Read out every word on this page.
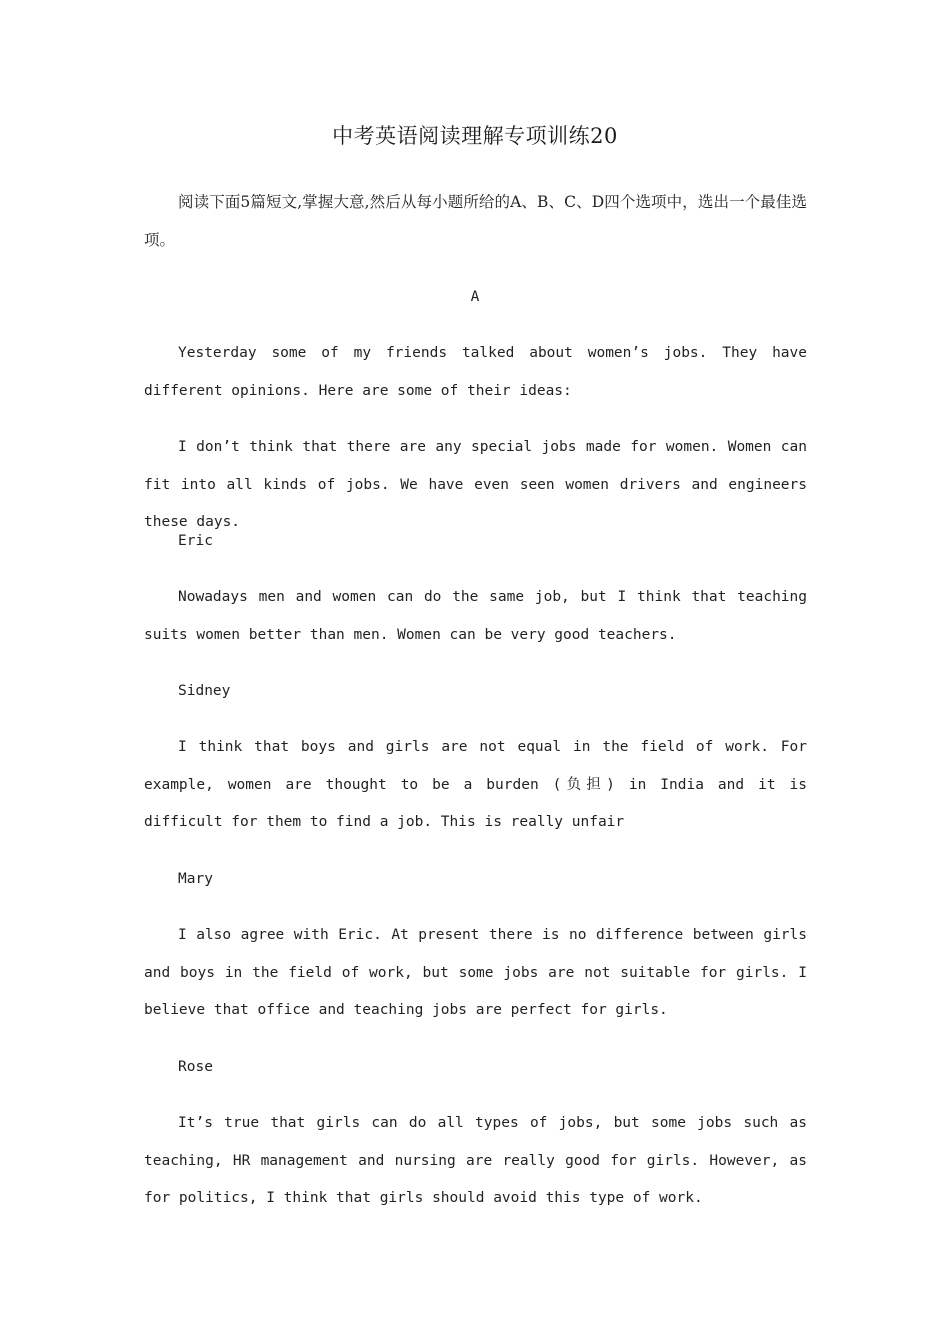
中考英语阅读理解专项训练20

阅读下面5篇短文,掌握大意,然后从每小题所给的A、B、C、D四个选项中，选出一个最佳选项。

A

Yesterday some of my friends talked about women’s jobs. They have different opinions. Here are some of their ideas:

I don’t think that there are any special jobs made for women. Women can fit into all kinds of jobs. We have even seen women drivers and engineers these days.

Eric

Nowadays men and women can do the same job, but I think that teaching suits women better than men. Women can be very good teachers.

Sidney

I think that boys and girls are not equal in the field of work. For example, women are thought to be a burden (负担) in India and it is difficult for them to find a job. This is really unfair

Mary

I also agree with Eric. At present there is no difference between girls and boys in the field of work, but some jobs are not suitable for girls. I believe that office and teaching jobs are perfect for girls.

Rose

It’s true that girls can do all types of jobs, but some jobs such as teaching, HR management and nursing are really good for girls. However, as for politics, I think that girls should avoid this type of work.
